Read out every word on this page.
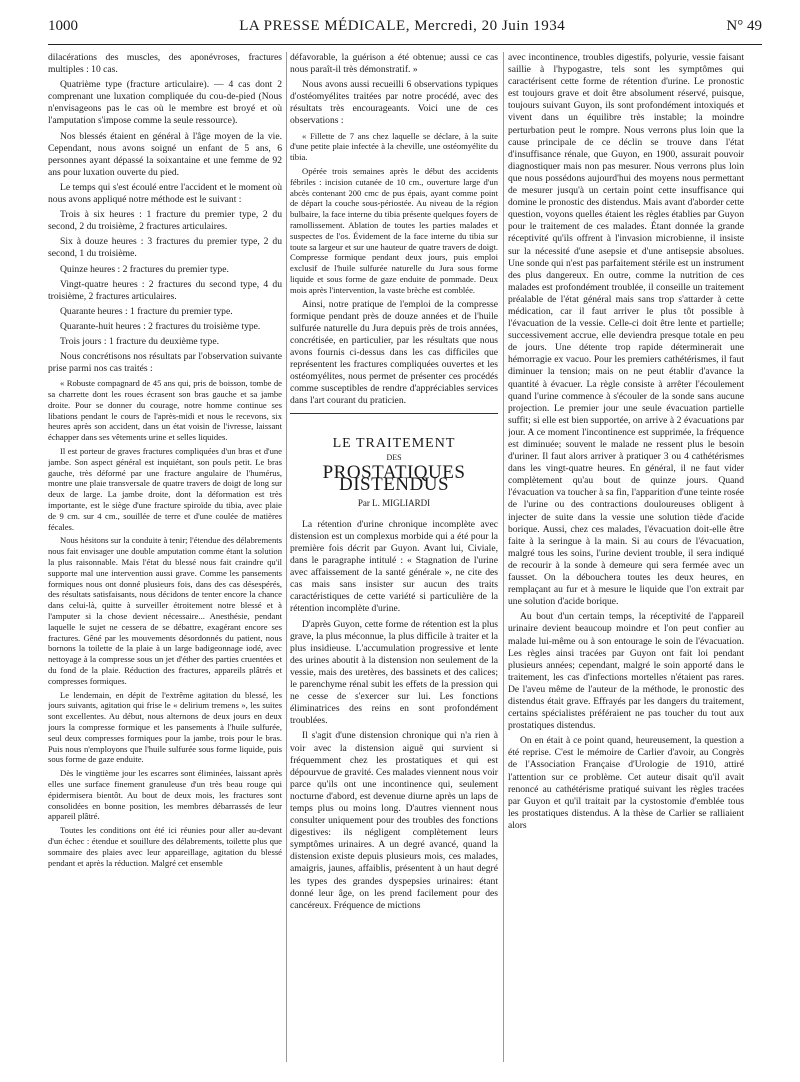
1000	LA PRESSE MÉDICALE, Mercredi, 20 Juin 1934	N° 49

dilacérations des muscles, des aponévroses, fractures multiples : 10 cas.

Quatrième type (fracture articulaire). — 4 cas dont 2 comprenant une luxation compliquée du cou-de-pied (Nous n'envisageons pas le cas où le membre est broyé et où l'amputation s'impose comme la seule ressource).

Nos blessés étaient en général à l'âge moyen de la vie. Cependant, nous avons soigné un enfant de 5 ans, 6 personnes ayant dépassé la soixantaine et une femme de 92 ans pour luxation ouverte du pied.

Le temps qui s'est écoulé entre l'accident et le moment où nous avons appliqué notre méthode est le suivant :

Trois à six heures : 1 fracture du premier type, 2 du second, 2 du troisième, 2 fractures articulaires.

Six à douze heures : 3 fractures du premier type, 2 du second, 1 du troisième.

Quinze heures : 2 fractures du premier type.

Vingt-quatre heures : 2 fractures du second type, 4 du troisième, 2 fractures articulaires.

Quarante heures : 1 fracture du premier type.

Quarante-huit heures : 2 fractures du troisième type.

Trois jours : 1 fracture du deuxième type.

Nous concrétisons nos résultats par l'observation suivante prise parmi nos cas traités :

« Robuste compagnard de 45 ans qui, pris de boisson, tombe de sa charrette dont les roues écrasent son bras gauche et sa jambe droite. Pour se donner du courage, notre homme continue ses libations pendant le cours de l'après-midi et nous le recevons, six heures après son accident, dans un état voisin de l'ivresse, laissant échapper dans ses vêtements urine et selles liquides.

Il est porteur de graves fractures compliquées d'un bras et d'une jambe. Son aspect général est inquiétant, son pouls petit. Le bras gauche, très déformé par une fracture angulaire de l'humérus, montre une plaie transversale de quatre travers de doigt de long sur deux de large. La jambe droite, dont la déformation est très importante, est le siège d'une fracture spiroïde du tibia, avec plaie de 9 cm. sur 4 cm., souillée de terre et d'une coulée de matières fécales.

Nous hésitons sur la conduite à tenir; l'étendue des délabrements nous fait envisager une double amputation comme étant la solution la plus raisonnable. Mais l'état du blessé nous fait craindre qu'il supporte mal une intervention aussi grave. Comme les pansements formiques nous ont donné plusieurs fois, dans des cas désespérés, des résultats satisfaisants, nous décidons de tenter encore la chance dans celui-là, quitte à surveiller étroitement notre blessé et à l'amputer si la chose devient nécessaire... Anesthésie, pendant laquelle le sujet ne cessera de se débattre, exagérant encore ses fractures. Gêné par les mouvements désordonnés du patient, nous bornons la toilette de la plaie à un large badigeonnage iodé, avec nettoyage à la compresse sous un jet d'éther des parties cruentées et du fond de la plaie. Réduction des fractures, appareils plâtrés et compresses formiques.

Le lendemain, en dépit de l'extrême agitation du blessé, les jours suivants, agitation qui frise le « delirium tremens », les suites sont excellentes. Au début, nous alternons de deux jours en deux jours la compresse formique et les pansements à l'huile sulfurée, seul deux compresses formiques pour la jambe, trois pour le bras. Puis nous n'employons que l'huile sulfurée sous forme liquide, puis sous forme de gaze enduite.

Dès le vingtième jour les escarres sont éliminées, laissant après elles une surface finement granuleuse d'un très beau rouge qui épidermisera bientôt. Au bout de deux mois, les fractures sont consolidées en bonne position, les membres débarrassés de leur appareil plâtré.

Toutes les conditions ont été ici réunies pour aller au-devant d'un échec : étendue et souillure des délabrements, toilette plus que sommaire des plaies avec leur appareillage, agitation du blessé pendant et après la réduction. Malgré cet ensemble

défavorable, la guérison a été obtenue; aussi ce cas nous paraît-il très démonstratif. »

Nous avons aussi recueilli 6 observations typiques d'ostéomyélites traitées par notre procédé, avec des résultats très encourageants. Voici une de ces observations :

« Fillette de 7 ans chez laquelle se déclare, à la suite d'une petite plaie infectée à la cheville, une ostéomyélite du tibia.

Opérée trois semaines après le début des accidents fébriles : incision cutanée de 10 cm., ouverture large d'un abcès contenant 200 cmc de pus épais, ayant comme point de départ la couche sous-périostée. Au niveau de la région bulbaire, la face interne du tibia présente quelques foyers de ramollissement. Ablation de toutes les parties malades et suspectes de l'os. Évidement de la face interne du tibia sur toute sa largeur et sur une hauteur de quatre travers de doigt. Compresse formique pendant deux jours, puis emploi exclusif de l'huile sulfurée naturelle du Jura sous forme liquide et sous forme de gaze enduite de pommade. Deux mois après l'intervention, la vaste brèche est comblée.

Ainsi, notre pratique de l'emploi de la compresse formique pendant près de douze années et de l'huile sulfurée naturelle du Jura depuis près de trois années, concrétisée, en particulier, par les résultats que nous avons fournis ci-dessus dans les cas difficiles que représentent les fractures compliquées ouvertes et les ostéomyélites, nous permet de présenter ces procédés comme susceptibles de rendre d'appréciables services dans l'art courant du praticien.

LE TRAITEMENT
DES
PROSTATIQUES DISTENDUS
Par L. MIGLIARDI

La rétention d'urine chronique incomplète avec distension est un complexus morbide qui a été pour la première fois décrit par Guyon. Avant lui, Civiale, dans le paragraphe intitulé : « Stagnation de l'urine avec affaissement de la santé générale », ne cite des cas mais sans insister sur aucun des traits caractéristiques de cette variété si particulière de la rétention incomplète d'urine.

D'après Guyon, cette forme de rétention est la plus grave, la plus méconnue, la plus difficile à traiter et la plus insidieuse. L'accumulation progressive et lente des urines aboutit à la distension non seulement de la vessie, mais des uretères, des bassinets et des calices; le parenchyme rénal subit les effets de la pression qui ne cesse de s'exercer sur lui. Les fonctions éliminatrices des reins en sont profondément troublées.

Il s'agit d'une distension chronique qui n'a rien à voir avec la distension aiguë qui survient si fréquemment chez les prostatiques et qui est dépourvue de gravité. Ces malades viennent nous voir parce qu'ils ont une incontinence qui, seulement nocturne d'abord, est devenue diurne après un laps de temps plus ou moins long. D'autres viennent nous consulter uniquement pour des troubles des fonctions digestives: ils négligent complètement leurs symptômes urinaires. A un degré avancé, quand la distension existe depuis plusieurs mois, ces malades, amaigris, jaunes, affaiblis, présentent à un haut degré les types des grandes dyspepsies urinaires: étant donné leur âge, on les prend facilement pour des cancéreux. Fréquence de mictions

avec incontinence, troubles digestifs, polyurie, vessie faisant saillie à l'hypogastre, tels sont les symptômes qui caractérisent cette forme de rétention d'urine. Le pronostic est toujours grave et doit être absolument réservé, puisque, toujours suivant Guyon, ils sont profondément intoxiqués et vivent dans un équilibre très instable; la moindre perturbation peut le rompre. Nous verrons plus loin que la cause principale de ce déclin se trouve dans l'état d'insuffisance rénale, que Guyon, en 1900, assurait pouvoir diagnostiquer mais non pas mesurer. Nous verrons plus loin que nous possédons aujourd'hui des moyens nous permettant de mesurer jusqu'à un certain point cette insuffisance qui domine le pronostic des distendus. Mais avant d'aborder cette question, voyons quelles étaient les règles établies par Guyon pour le traitement de ces malades. Étant donnée la grande réceptivité qu'ils offrent à l'invasion microbienne, il insiste sur la nécessité d'une asepsie et d'une antisepsie absolues. Une sonde qui n'est pas parfaitement stérile est un instrument des plus dangereux. En outre, comme la nutrition de ces malades est profondément troublée, il conseille un traitement préalable de l'état général mais sans trop s'attarder à cette médication, car il faut arriver le plus tôt possible à l'évacuation de la vessie. Celle-ci doit être lente et partielle; successivement accrue, elle deviendra presque totale en peu de jours. Une détente trop rapide déterminerait une hémorragie ex vacuo. Pour les premiers cathétérismes, il faut diminuer la tension; mais on ne peut établir d'avance la quantité à évacuer. La règle consiste à arrêter l'écoulement quand l'urine commence à s'écouler de la sonde sans aucune projection. Le premier jour une seule évacuation partielle suffit; si elle est bien supportée, on arrive à 2 évacuations par jour. A ce moment l'incontinence est supprimée, la fréquence est diminuée; souvent le malade ne ressent plus le besoin d'uriner. Il faut alors arriver à pratiquer 3 ou 4 cathétérismes dans les vingt-quatre heures. En général, il ne faut vider complètement qu'au bout de quinze jours. Quand l'évacuation va toucher à sa fin, l'apparition d'une teinte rosée de l'urine ou des contractions douloureuses obligent à injecter de suite dans la vessie une solution tiède d'acide borique. Aussi, chez ces malades, l'évacuation doit-elle être faite à la seringue à la main. Si au cours de l'évacuation, malgré tous les soins, l'urine devient trouble, il sera indiqué de recourir à la sonde à demeure qui sera fermée avec un fausset. On la débouchera toutes les deux heures, en remplaçant au fur et à mesure le liquide que l'on extrait par une solution d'acide borique.

Au bout d'un certain temps, la réceptivité de l'appareil urinaire devient beaucoup moindre et l'on peut confier au malade lui-même ou à son entourage le soin de l'évacuation. Les règles ainsi tracées par Guyon ont fait loi pendant plusieurs années; cependant, malgré le soin apporté dans le traitement, les cas d'infections mortelles n'étaient pas rares. De l'aveu même de l'auteur de la méthode, le pronostic des distendus était grave. Effrayés par les dangers du traitement, certains spécialistes préféraient ne pas toucher du tout aux prostatiques distendus.

On en était à ce point quand, heureusement, la question a été reprise. C'est le mémoire de Carlier d'avoir, au Congrès de l'Association Française d'Urologie de 1910, attiré l'attention sur ce problème. Cet auteur disait qu'il avait renoncé au cathétérisme pratiqué suivant les règles tracées par Guyon et qu'il traitait par la cystostomie d'emblée tous les prostatiques distendus. A la thèse de Carlier se ralliaient alors
